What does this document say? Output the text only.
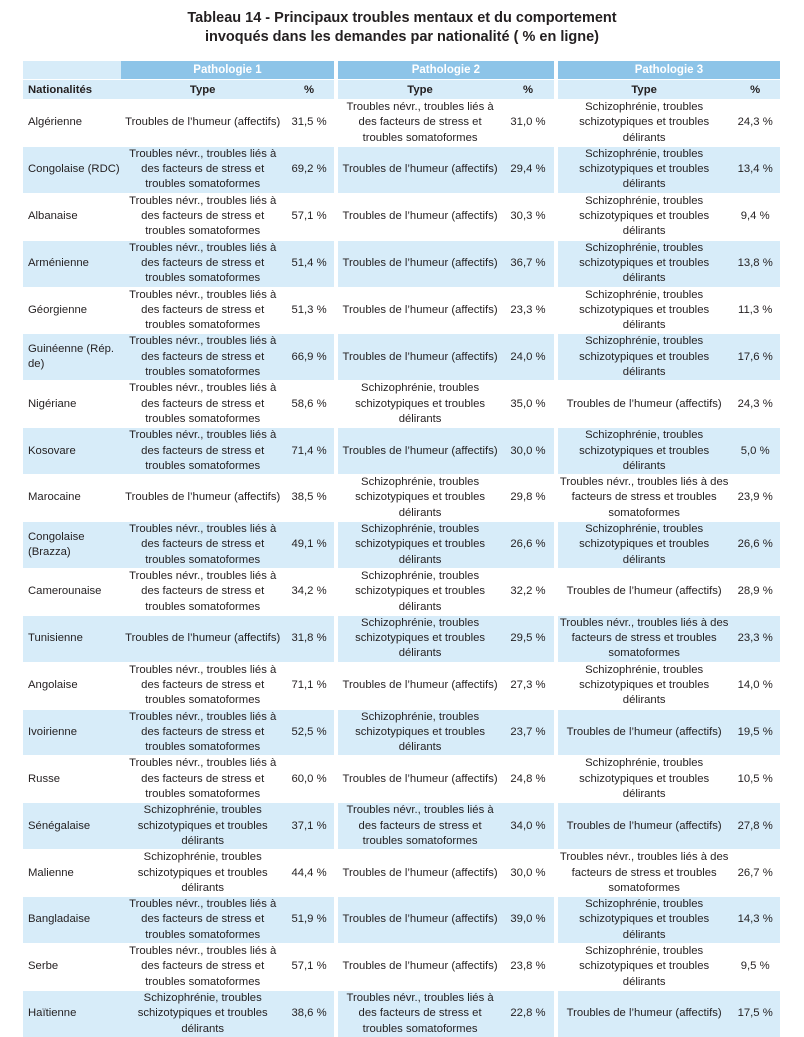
Tableau 14 - Principaux troubles mentaux et du comportement
invoqués dans les demandes par nationalité ( % en ligne)
	Pathologie 1			Pathologie 2			Pathologie 3	
Nationalités	Type	%		Type	%		Type	%
Algérienne	Troubles de l’humeur (affectifs)	31,5 %		Troubles névr., troubles liés à des facteurs de stress et troubles somatoformes	31,0 %		Schizophrénie, troubles schizotypiques et troubles délirants	24,3 %
Congolaise (RDC)	Troubles névr., troubles liés à des facteurs de stress et troubles somatoformes	69,2 %		Troubles de l’humeur (affectifs)	29,4 %		Schizophrénie, troubles schizotypiques et troubles délirants	13,4 %
Albanaise	Troubles névr., troubles liés à des facteurs de stress et troubles somatoformes	57,1 %		Troubles de l’humeur (affectifs)	30,3 %		Schizophrénie, troubles schizotypiques et troubles délirants	9,4 %
Arménienne	Troubles névr., troubles liés à des facteurs de stress et troubles somatoformes	51,4 %		Troubles de l’humeur (affectifs)	36,7 %		Schizophrénie, troubles schizotypiques et troubles délirants	13,8 %
Géorgienne	Troubles névr., troubles liés à des facteurs de stress et troubles somatoformes	51,3 %		Troubles de l’humeur (affectifs)	23,3 %		Schizophrénie, troubles schizotypiques et troubles délirants	11,3 %
Guinéenne (Rép. de)	Troubles névr., troubles liés à des facteurs de stress et troubles somatoformes	66,9 %		Troubles de l’humeur (affectifs)	24,0 %		Schizophrénie, troubles schizotypiques et troubles délirants	17,6 %
Nigériane	Troubles névr., troubles liés à des facteurs de stress et troubles somatoformes	58,6 %		Schizophrénie, troubles schizotypiques et troubles délirants	35,0 %		Troubles de l’humeur (affectifs)	24,3 %
Kosovare	Troubles névr., troubles liés à des facteurs de stress et troubles somatoformes	71,4 %		Troubles de l’humeur (affectifs)	30,0 %		Schizophrénie, troubles schizotypiques et troubles délirants	5,0 %
Marocaine	Troubles de l’humeur (affectifs)	38,5 %		Schizophrénie, troubles schizotypiques et troubles délirants	29,8 %		Troubles névr., troubles liés à des facteurs de stress et troubles somatoformes	23,9 %
Congolaise (Brazza)	Troubles névr., troubles liés à des facteurs de stress et troubles somatoformes	49,1 %		Schizophrénie, troubles schizotypiques et troubles délirants	26,6 %		Schizophrénie, troubles schizotypiques et troubles délirants	26,6 %
Camerounaise	Troubles névr., troubles liés à des facteurs de stress et troubles somatoformes	34,2 %		Schizophrénie, troubles schizotypiques et troubles délirants	32,2 %		Troubles de l’humeur (affectifs)	28,9 %
Tunisienne	Troubles de l’humeur (affectifs)	31,8 %		Schizophrénie, troubles schizotypiques et troubles délirants	29,5 %		Troubles névr., troubles liés à des facteurs de stress et troubles somatoformes	23,3 %
Angolaise	Troubles névr., troubles liés à des facteurs de stress et troubles somatoformes	71,1 %		Troubles de l’humeur (affectifs)	27,3 %		Schizophrénie, troubles schizotypiques et troubles délirants	14,0 %
Ivoirienne	Troubles névr., troubles liés à des facteurs de stress et troubles somatoformes	52,5 %		Schizophrénie, troubles schizotypiques et troubles délirants	23,7 %		Troubles de l’humeur (affectifs)	19,5 %
Russe	Troubles névr., troubles liés à des facteurs de stress et troubles somatoformes	60,0 %		Troubles de l’humeur (affectifs)	24,8 %		Schizophrénie, troubles schizotypiques et troubles délirants	10,5 %
Sénégalaise	Schizophrénie, troubles schizotypiques et troubles délirants	37,1 %		Troubles névr., troubles liés à des facteurs de stress et troubles somatoformes	34,0 %		Troubles de l’humeur (affectifs)	27,8 %
Malienne	Schizophrénie, troubles schizotypiques et troubles délirants	44,4 %		Troubles de l’humeur (affectifs)	30,0 %		Troubles névr., troubles liés à des facteurs de stress et troubles somatoformes	26,7 %
Bangladaise	Troubles névr., troubles liés à des facteurs de stress et troubles somatoformes	51,9 %		Troubles de l’humeur (affectifs)	39,0 %		Schizophrénie, troubles schizotypiques et troubles délirants	14,3 %
Serbe	Troubles névr., troubles liés à des facteurs de stress et troubles somatoformes	57,1 %		Troubles de l’humeur (affectifs)	23,8 %		Schizophrénie, troubles schizotypiques et troubles délirants	9,5 %
Haïtienne	Schizophrénie, troubles schizotypiques et troubles délirants	38,6 %		Troubles névr., troubles liés à des facteurs de stress et troubles somatoformes	22,8 %		Troubles de l’humeur (affectifs)	17,5 %
